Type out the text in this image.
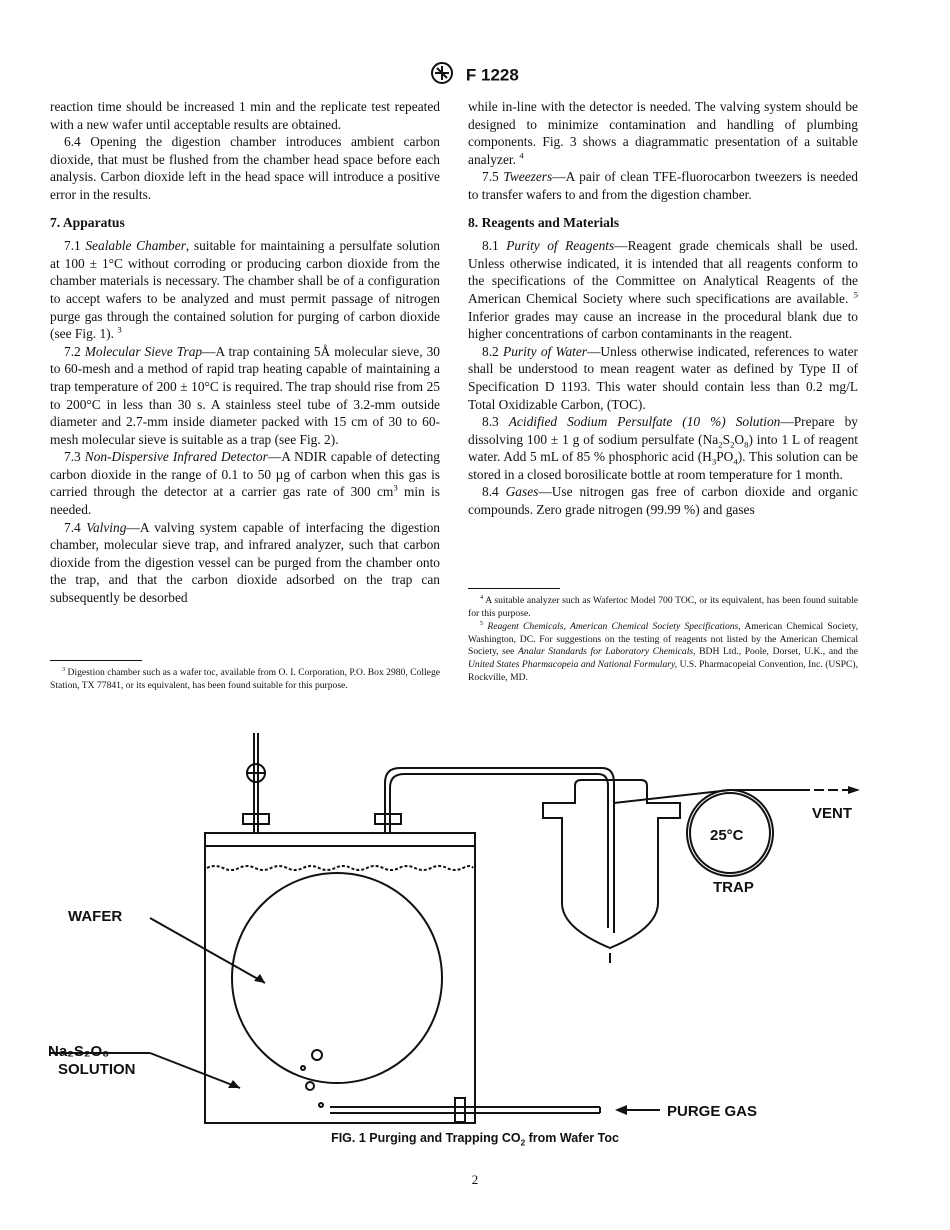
F 1228

reaction time should be increased 1 min and the replicate test repeated with a new wafer until acceptable results are obtained.

6.4 Opening the digestion chamber introduces ambient carbon dioxide, that must be flushed from the chamber head space before each analysis. Carbon dioxide left in the head space will introduce a positive error in the results.

7. Apparatus

7.1 Sealable Chamber, suitable for maintaining a persulfate solution at 100 ± 1°C without corroding or producing carbon dioxide from the chamber materials is necessary. The chamber shall be of a configuration to accept wafers to be analyzed and must permit passage of nitrogen purge gas through the contained solution for purging of carbon dioxide (see Fig. 1). $^3$

7.2 Molecular Sieve Trap—A trap containing 5Å molecular sieve, 30 to 60-mesh and a method of rapid trap heating capable of maintaining a trap temperature of 200 ± 10°C is required. The trap should rise from 25 to 200°C in less than 30 s. A stainless steel tube of 3.2-mm outside diameter and 2.7-mm inside diameter packed with 15 cm of 30 to 60-mesh molecular sieve is suitable as a trap (see Fig. 2).

7.3 Non-Dispersive Infrared Detector—A NDIR capable of detecting carbon dioxide in the range of 0.1 to 50 µg of carbon when this gas is carried through the detector at a carrier gas rate of 300 $cm^3$ min is needed.

7.4 Valving—A valving system capable of interfacing the digestion chamber, molecular sieve trap, and infrared analyzer, such that carbon dioxide from the digestion vessel can be purged from the chamber onto the trap, and that the carbon dioxide adsorbed on the trap can subsequently be desorbed

$^3$ Digestion chamber such as a wafer toc, available from O. I. Corporation, P.O. Box 2980, College Station, TX 77841, or its equivalent, has been found suitable for this purpose.

while in-line with the detector is needed. The valving system should be designed to minimize contamination and handling of plumbing components. Fig. 3 shows a diagrammatic presentation of a suitable analyzer. $^4$

7.5 Tweezers—A pair of clean TFE-fluorocarbon tweezers is needed to transfer wafers to and from the digestion chamber.

8. Reagents and Materials

8.1 Purity of Reagents—Reagent grade chemicals shall be used. Unless otherwise indicated, it is intended that all reagents conform to the specifications of the Committee on Analytical Reagents of the American Chemical Society where such specifications are available. $^5$ Inferior grades may cause an increase in the procedural blank due to higher concentrations of carbon contaminants in the reagent.

8.2 Purity of Water—Unless otherwise indicated, references to water shall be understood to mean reagent water as defined by Type II of Specification D 1193. This water should contain less than 0.2 mg/L Total Oxidizable Carbon, (TOC).

8.3 Acidified Sodium Persulfate (10 %) Solution—Prepare by dissolving 100 ± 1 g of sodium persulfate $(Na_2S_2O_8)$ into 1 L of reagent water. Add 5 mL of 85 % phosphoric acid $(H_3PO_4)$. This solution can be stored in a closed borosilicate bottle at room temperature for 1 month.

8.4 Gases—Use nitrogen gas free of carbon dioxide and organic compounds. Zero grade nitrogen (99.99 %) and gases

$^4$ A suitable analyzer such as Wafertoc Model 700 TOC, or its equivalent, has been found suitable for this purpose.

$^5$ Reagent Chemicals, American Chemical Society Specifications, American Chemical Society, Washington, DC. For suggestions on the testing of reagents not listed by the American Chemical Society, see Analar Standards for Laboratory Chemicals, BDH Ltd., Poole, Dorset, U.K., and the United States Pharmacopeia and National Formulary, U.S. Pharmacopeial Convention, Inc. (USPC), Rockville, MD.

VENT
25°C
TRAP
WAFER
Na₂S₂O₈
SOLUTION
PURGE GAS
FIG. 1 Purging and Trapping $CO_2$ from Wafer Toc
2
